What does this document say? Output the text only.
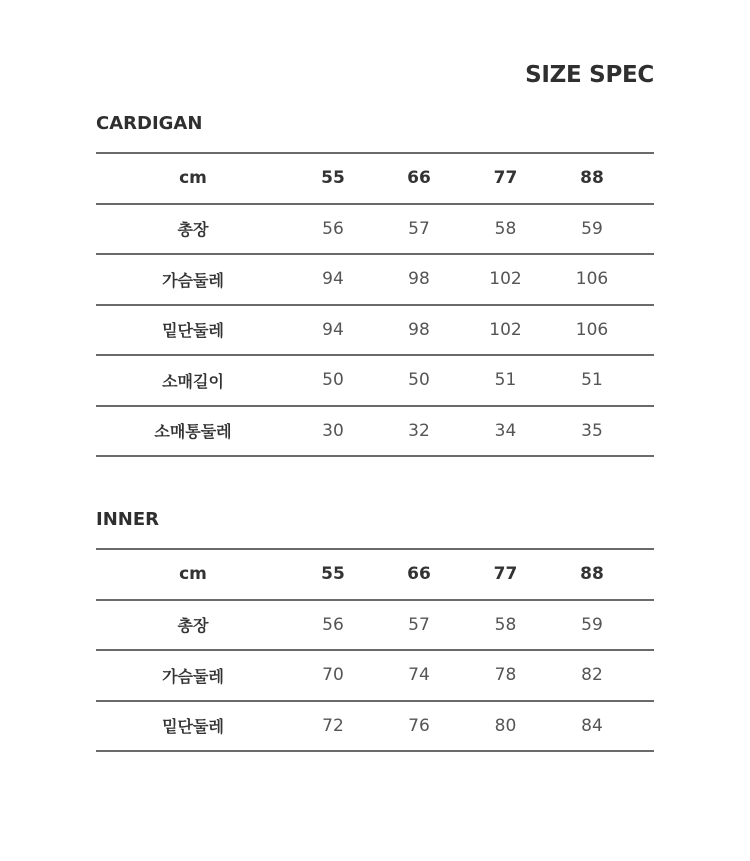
SIZE SPEC
CARDIGAN
cm	55	66	77	88	
총장	56	57	58	59	
가슴둘레	94	98	102	106	
밑단둘레	94	98	102	106	
소매길이	50	50	51	51	
소매통둘레	30	32	34	35	
INNER
cm	55	66	77	88	
총장	56	57	58	59	
가슴둘레	70	74	78	82	
밑단둘레	72	76	80	84	
